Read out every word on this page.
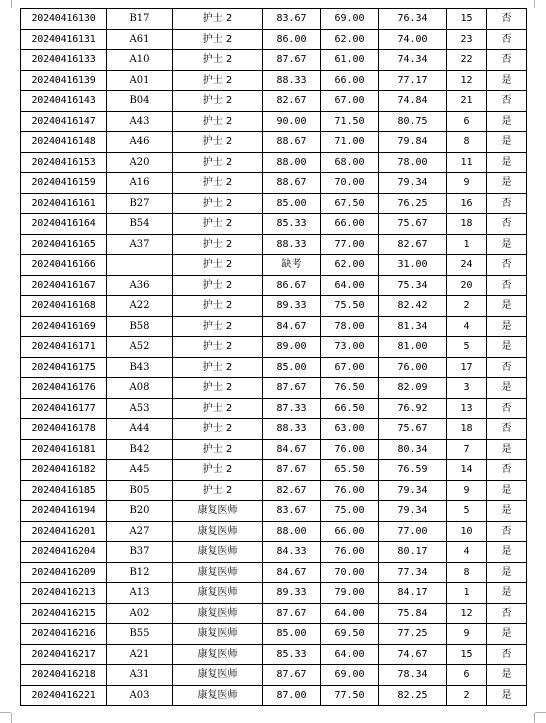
20240416130	B17	护士 2	83.67	69.00	76.34	15	否
20240416131	A61	护士 2	86.00	62.00	74.00	23	否
20240416133	A10	护士 2	87.67	61.00	74.34	22	否
20240416139	A01	护士 2	88.33	66.00	77.17	12	是
20240416143	B04	护士 2	82.67	67.00	74.84	21	否
20240416147	A43	护士 2	90.00	71.50	80.75	6	是
20240416148	A46	护士 2	88.67	71.00	79.84	8	是
20240416153	A20	护士 2	88.00	68.00	78.00	11	是
20240416159	A16	护士 2	88.67	70.00	79.34	9	是
20240416161	B27	护士 2	85.00	67.50	76.25	16	否
20240416164	B54	护士 2	85.33	66.00	75.67	18	否
20240416165	A37	护士 2	88.33	77.00	82.67	1	是
20240416166		护士 2	缺考	62.00	31.00	24	否
20240416167	A36	护士 2	86.67	64.00	75.34	20	否
20240416168	A22	护士 2	89.33	75.50	82.42	2	是
20240416169	B58	护士 2	84.67	78.00	81.34	4	是
20240416171	A52	护士 2	89.00	73.00	81.00	5	是
20240416175	B43	护士 2	85.00	67.00	76.00	17	否
20240416176	A08	护士 2	87.67	76.50	82.09	3	是
20240416177	A53	护士 2	87.33	66.50	76.92	13	否
20240416178	A44	护士 2	88.33	63.00	75.67	18	否
20240416181	B42	护士 2	84.67	76.00	80.34	7	是
20240416182	A45	护士 2	87.67	65.50	76.59	14	否
20240416185	B05	护士 2	82.67	76.00	79.34	9	是
20240416194	B20	康复医师	83.67	75.00	79.34	5	是
20240416201	A27	康复医师	88.00	66.00	77.00	10	否
20240416204	B37	康复医师	84.33	76.00	80.17	4	是
20240416209	B12	康复医师	84.67	70.00	77.34	8	是
20240416213	A13	康复医师	89.33	79.00	84.17	1	是
20240416215	A02	康复医师	87.67	64.00	75.84	12	否
20240416216	B55	康复医师	85.00	69.50	77.25	9	是
20240416217	A21	康复医师	85.33	64.00	74.67	15	否
20240416218	A31	康复医师	87.67	69.00	78.34	6	是
20240416221	A03	康复医师	87.00	77.50	82.25	2	是
